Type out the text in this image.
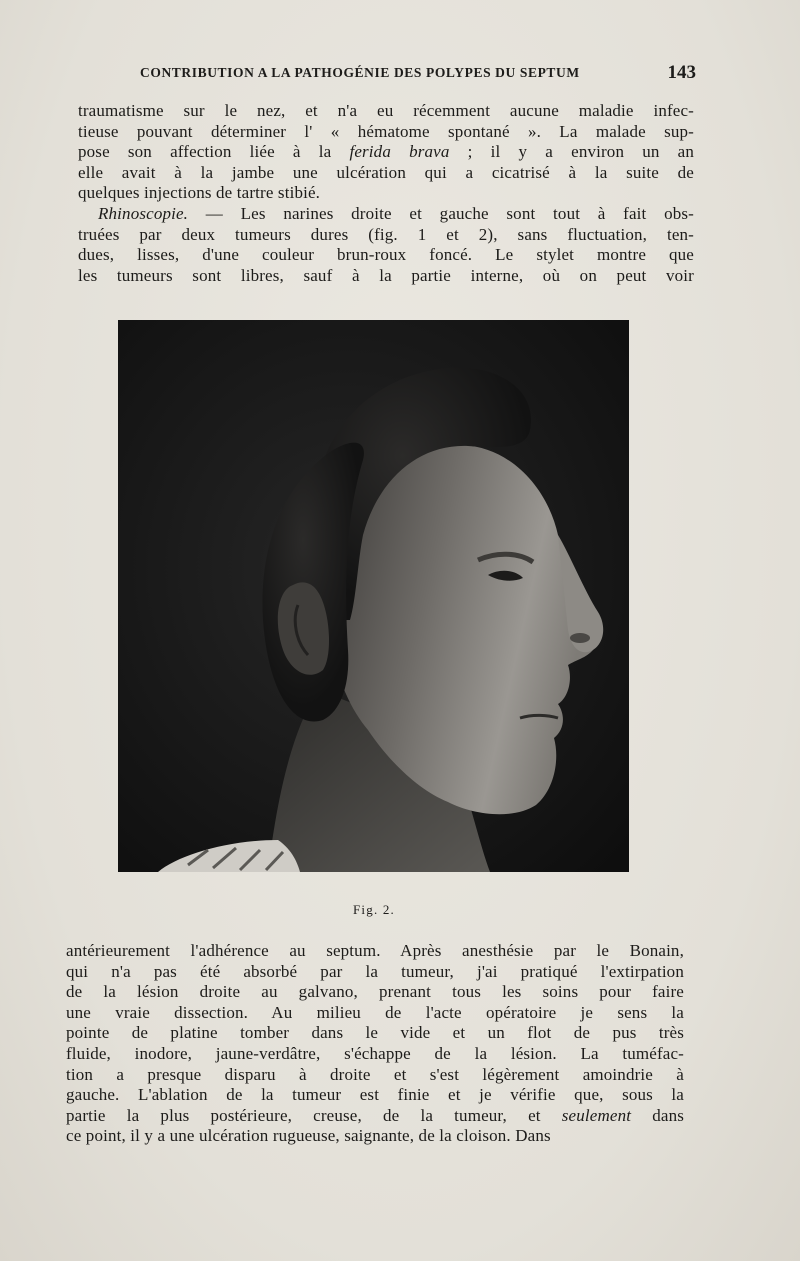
CONTRIBUTION A LA PATHOGÉNIE DES POLYPES DU SEPTUM	143
traumatisme sur le nez, et n'a eu récemment aucune maladie infec-
tieuse pouvant déterminer l' « hématome spontané ». La malade sup-
pose son affection liée à la ferida brava ; il y a environ un an
elle avait à la jambe une ulcération qui a cicatrisé à la suite de
quelques injections de tartre stibié.
Rhinoscopie. — Les narines droite et gauche sont tout à fait obs-
truées par deux tumeurs dures (fig. 1 et 2), sans fluctuation, ten-
dues, lisses, d'une couleur brun-roux foncé. Le stylet montre que
les tumeurs sont libres, sauf à la partie interne, où on peut voir
Fig. 2.
antérieurement l'adhérence au septum. Après anesthésie par le Bonain,
qui n'a pas été absorbé par la tumeur, j'ai pratiqué l'extirpation
de la lésion droite au galvano, prenant tous les soins pour faire
une vraie dissection. Au milieu de l'acte opératoire je sens la
pointe de platine tomber dans le vide et un flot de pus très
fluide, inodore, jaune-verdâtre, s'échappe de la lésion. La tuméfac-
tion a presque disparu à droite et s'est légèrement amoindrie à
gauche. L'ablation de la tumeur est finie et je vérifie que, sous la
partie la plus postérieure, creuse, de la tumeur, et seulement dans
ce point, il y a une ulcération rugueuse, saignante, de la cloison. Dans
